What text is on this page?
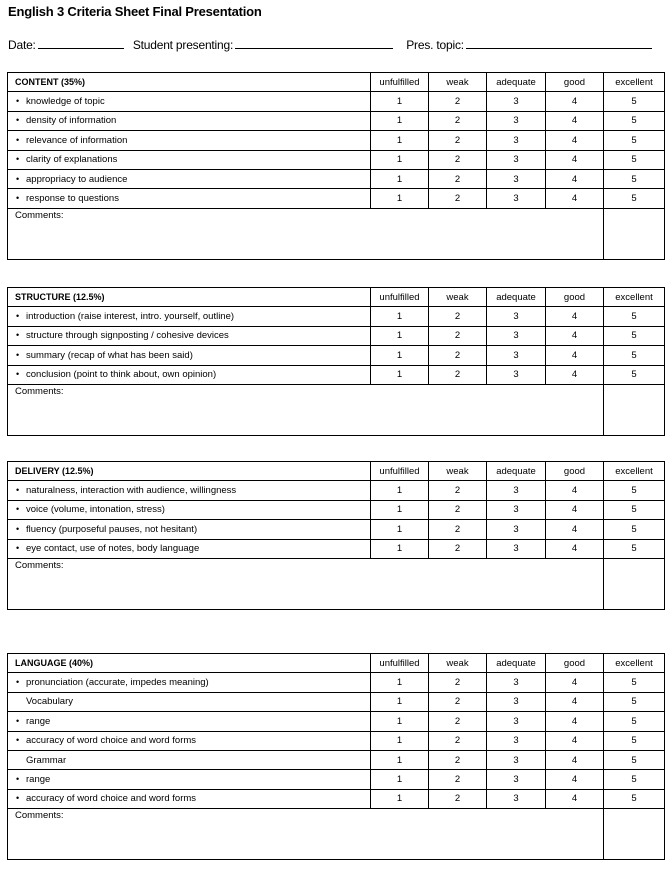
English 3 Criteria Sheet Final Presentation
Date:	Student presenting:	Pres. topic:
CONTENT (35%)	unfulfilled	weak	adequate	good	excellent
• knowledge of topic	1	2	3	4	5
• density of information	1	2	3	4	5
• relevance of information	1	2	3	4	5
• clarity of explanations	1	2	3	4	5
• appropriacy to audience	1	2	3	4	5
• response to questions	1	2	3	4	5
Comments:					
STRUCTURE (12.5%)	unfulfilled	weak	adequate	good	excellent
• introduction (raise interest, intro. yourself, outline)	1	2	3	4	5
• structure through signposting / cohesive devices	1	2	3	4	5
• summary (recap of what has been said)	1	2	3	4	5
• conclusion (point to think about, own opinion)	1	2	3	4	5
Comments:					
DELIVERY (12.5%)	unfulfilled	weak	adequate	good	excellent
• naturalness, interaction with audience, willingness	1	2	3	4	5
• voice (volume, intonation, stress)	1	2	3	4	5
• fluency (purposeful pauses, not hesitant)	1	2	3	4	5
• eye contact, use of notes, body language	1	2	3	4	5
Comments:					
LANGUAGE (40%)	unfulfilled	weak	adequate	good	excellent
• pronunciation (accurate, impedes meaning)	1	2	3	4	5
Vocabulary	1	2	3	4	5
• range	1	2	3	4	5
• accuracy of word choice and word forms	1	2	3	4	5
Grammar	1	2	3	4	5
• range	1	2	3	4	5
• accuracy of word choice and word forms	1	2	3	4	5
Comments:					
